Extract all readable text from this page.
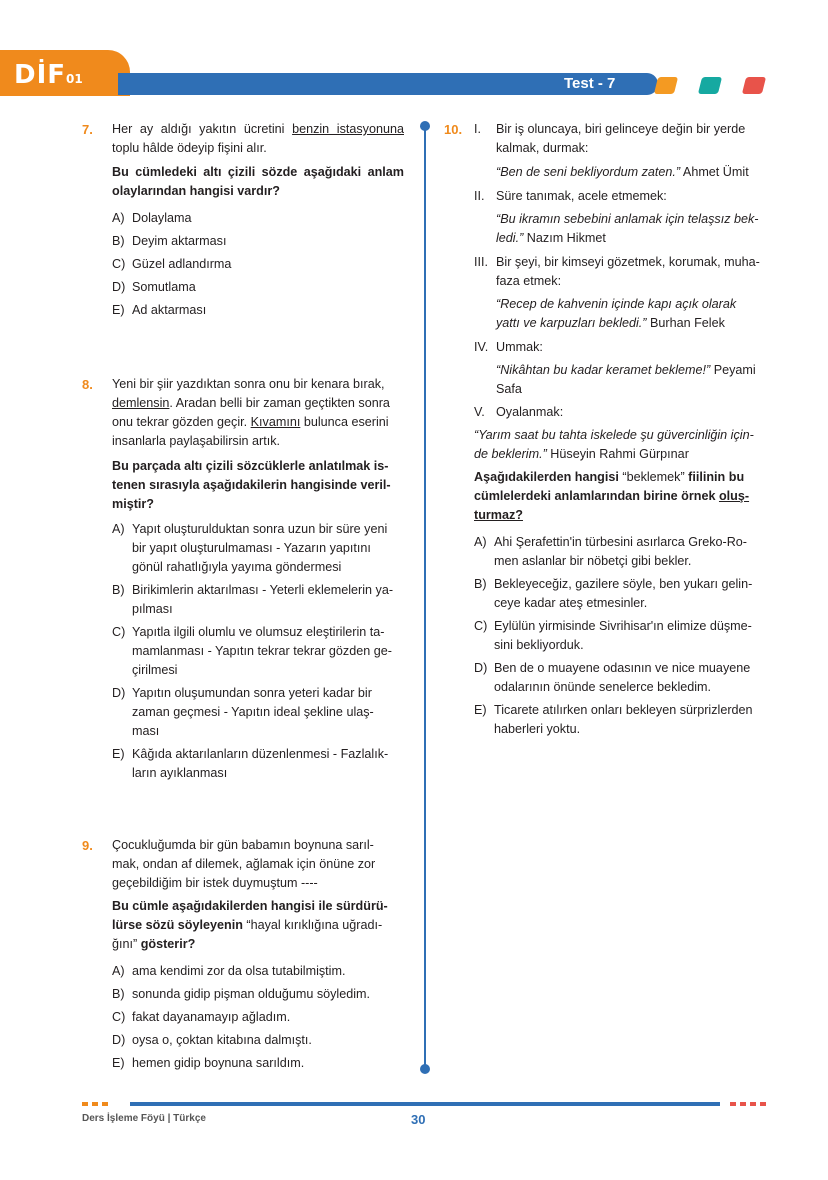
DİF01	Test - 7
7. Her ay aldığı yakıtın ücretini benzin istasyonuna toplu hâlde ödeyip fişini alır.
Bu cümledeki altı çizili sözde aşağıdaki anlam olaylarından hangisi vardır?
A) Dolaylama
B) Deyim aktarması
C) Güzel adlandırma
D) Somutlama
E) Ad aktarması
8. Yeni bir şiir yazdıktan sonra onu bir kenara bırak,
demlensin. Aradan belli bir zaman geçtikten sonra
onu tekrar gözden geçir. Kıvamını bulunca eserini
insanlarla paylaşabilirsin artık.
Bu parçada altı çizili sözcüklerle anlatılmak is-
tenen sırasıyla aşağıdakilerin hangisinde veril-
miştir?
A) Yapıt oluşturulduktan sonra uzun bir süre yeni
bir yapıt oluşturulmaması - Yazarın yapıtını
gönül rahatlığıyla yayıma göndermesi
B) Birikimlerin aktarılması - Yeterli eklemelerin ya-
pılması
C) Yapıtla ilgili olumlu ve olumsuz eleştirilerin ta-
mamlanması - Yapıtın tekrar tekrar gözden ge-
çirilmesi
D) Yapıtın oluşumundan sonra yeteri kadar bir
zaman geçmesi - Yapıtın ideal şekline ulaş-
ması
E) Kâğıda aktarılanların düzenlenmesi - Fazlalık-
ların ayıklanması
9. Çocukluğumda bir gün babamın boynuna sarıl-
mak, ondan af dilemek, ağlamak için önüne zor
geçebildiğim bir istek duymuştum ----
Bu cümle aşağıdakilerden hangisi ile sürdürü-
lürse sözü söyleyenin “hayal kırıklığına uğradı-
ğını” gösterir?
A) ama kendimi zor da olsa tutabilmiştim.
B) sonunda gidip pişman olduğumu söyledim.
C) fakat dayanamayıp ağladım.
D) oysa o, çoktan kitabına dalmıştı.
E) hemen gidip boynuna sarıldım.
10. I. Bir iş oluncaya, biri gelinceye değin bir yerde
kalmak, durmak:
“Ben de seni bekliyordum zaten.” Ahmet Ümit
II. Süre tanımak, acele etmemek:
“Bu ikramın sebebini anlamak için telaşsız bek-
ledi.” Nazım Hikmet
III. Bir şeyi, bir kimseyi gözetmek, korumak, muha-
faza etmek:
“Recep de kahvenin içinde kapı açık olarak
yattı ve karpuzları bekledi.” Burhan Felek
IV. Ummak:
“Nikâhtan bu kadar keramet bekleme!” Peyami
Safa
V. Oyalanmak:
“Yarım saat bu tahta iskelede şu güvercinliğin için-
de beklerim.” Hüseyin Rahmi Gürpınar
Aşağıdakilerden hangisi “beklemek” fiilinin bu
cümlelerdeki anlamlarından birine örnek oluş-
turmaz?
A) Ahi Şerafettin'in türbesini asırlarca Greko-Ro-
men aslanlar bir nöbetçi gibi bekler.
B) Bekleyeceğiz, gazilere söyle, ben yukarı gelin-
ceye kadar ateş etmesinler.
C) Eylülün yirmisinde Sivrihisar'ın elimize düşme-
sini bekliyorduk.
D) Ben de o muayene odasının ve nice muayene
odalarının önünde senelerce bekledim.
E) Ticarete atılırken onları bekleyen sürprizlerden
haberleri yoktu.
Ders İşleme Föyü | Türkçe	30
